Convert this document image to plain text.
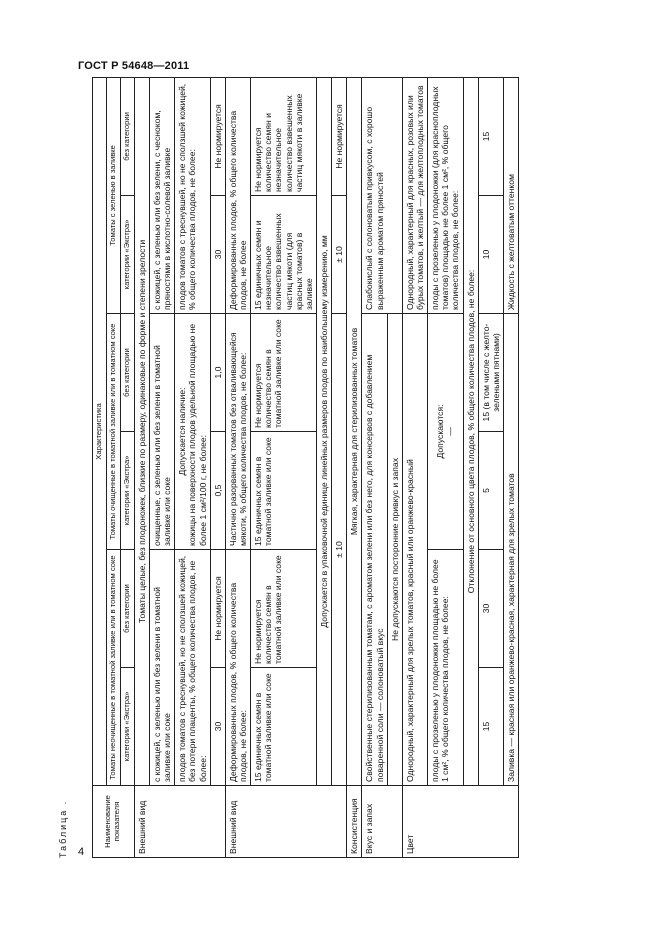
ГОСТ Р 54648—2011
4
Таблица .	Наименование показателя	Характеристика					
	Томаты неочищенные в томатной заливке или в томатном соке		Томаты очищенные в томатной заливке или в томатном соке		Томаты с зеленью в заливке	
	категории «Экстра»	без категории	категории «Экстра»	без категории	категории «Экстра»	без категории
Внешний вид	Томаты целые, без плодоножек, близкие по размеру, одинаковые по форме и степени зрелости					
	с кожицей, с зеленью или без зелени в томатной заливке или соке		очищенные, с зеленью или без зелени в томатной заливке или соке		с кожицей, с зеленью или без зелени, с чесноком, пряностями в кислотно-солевой заливке	
	плодов томатов с треснувшей, но не сползшей кожицей, без потери плаценты, % общего количества плодов, не более:		Допускается наличие: кожицы на поверхности плодов удельной площадью не более 1 см²/100 г, не более:		плодов томатов с треснувшей, но не сползшей кожицей, % общего количества плодов, не более:	
	30	Не нормируется	0,5	1,0	30	Не нормируется
Внешний вид	Деформированных плодов, % общего количества плодов, не более:		Частично разорванных томатов без отваливающейся мякоти, % общего количества плодов, не более:		Деформированных плодов, % общего количества плодов, не более	
	15 единичных семян в томатной заливке или соке	Не нормируется количество семян в томатной заливке или соке	15 единичных семян в томатной заливке или соке	Не нормируется количество семян в томатной заливке или соке	15 единичных семян и незначительное количество взвешенных частиц мякоти (для красных томатов) в заливке	Не нормируется количество семян и незначительное количество взвешенных частиц мякоти в заливке
	Допускается в упаковочной единице линейных размеров плодов по наибольшему измерению, мм					
	± 10				± 10	Не нормируется
Консистенция	Мягкая, характерная для стерилизованных томатов					
Вкус и запах	Свойственные стерилизованным томатам, с ароматом зелени или без него, для консервов с добавлением поваренной соли — солоноватый вкус				Слабокислый с солоноватым привкусом, с хорошо выраженным ароматом пряностей	
	Не допускаются посторонние привкус и запах					
Цвет	Однородный, характерный для зрелых томатов, красный или оранжево-красный				Однородный, характерный для красных, розовых или бурых томатов, и желтый — для желтоплодных томатов	
	плоды с прозеленью у плодоножки площадью не более 1 см², % общего количества плодов, не более:		Допускаются: —		плоды с прозеленью у плодоножки (для краснoплодных томатов) площадью не более 1 см², % общего количества плодов, не более:	
	Отклонение от основного цвета плодов, % общего количества плодов, не более:					
	15	30	5	15 (в том числе с желто-зелеными пятнами)	10	15
	Заливка — красная или оранжево-красная, характерная для зрелых томатов				Жидкость с желтоватым оттенком	
